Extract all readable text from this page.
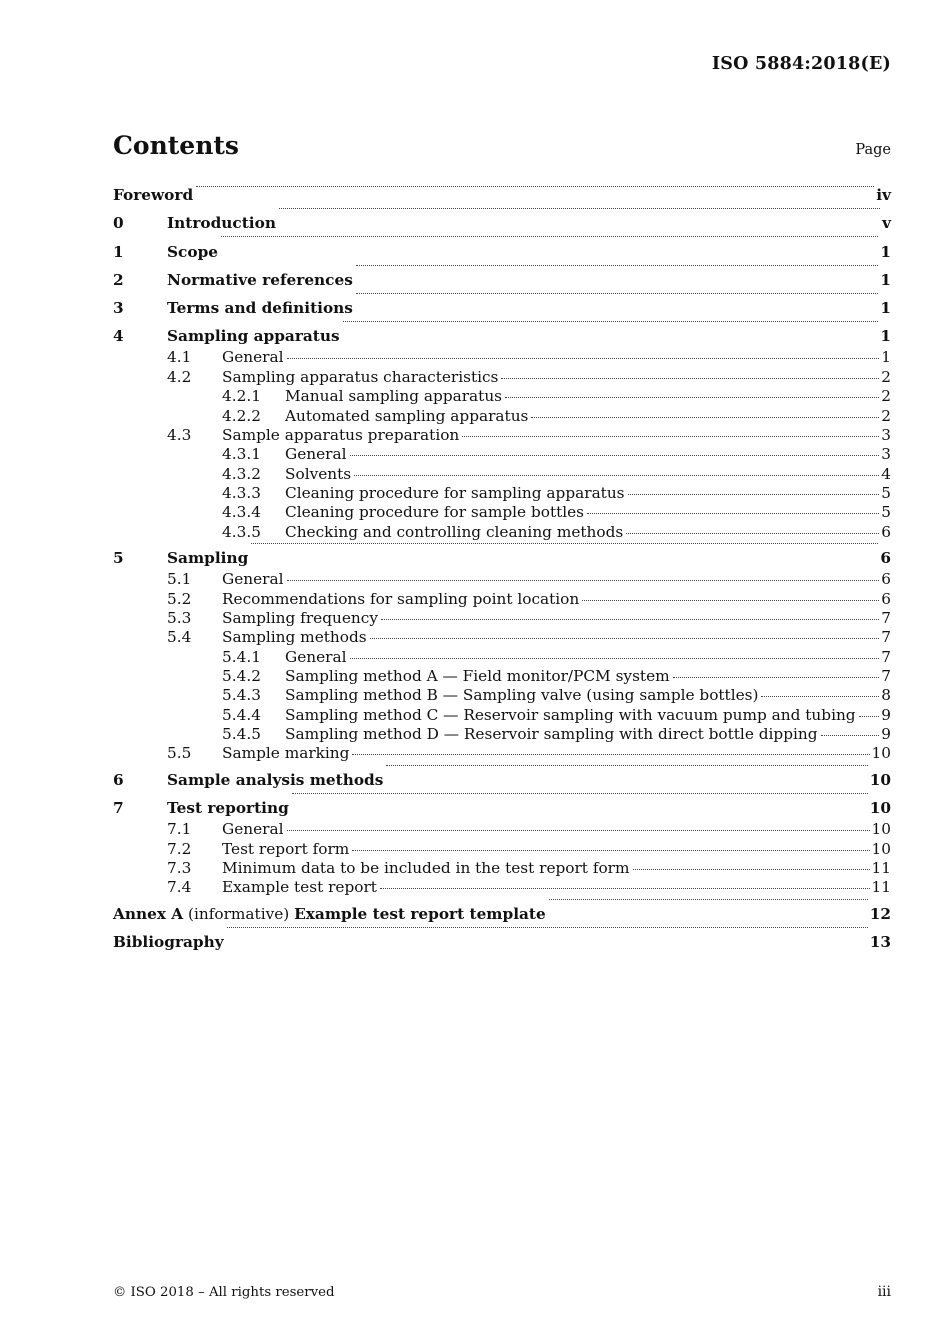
ISO 5884:2018(E)
Contents	Page
Foreword	iv
0	Introduction	v
1	Scope	1
2	Normative references	1
3	Terms and definitions	1
4	Sampling apparatus	1
4.1	General	1
4.2	Sampling apparatus characteristics	2
4.2.1	Manual sampling apparatus	2
4.2.2	Automated sampling apparatus	2
4.3	Sample apparatus preparation	3
4.3.1	General	3
4.3.2	Solvents	4
4.3.3	Cleaning procedure for sampling apparatus	5
4.3.4	Cleaning procedure for sample bottles	5
4.3.5	Checking and controlling cleaning methods	6
5	Sampling	6
5.1	General	6
5.2	Recommendations for sampling point location	6
5.3	Sampling frequency	7
5.4	Sampling methods	7
5.4.1	General	7
5.4.2	Sampling method A — Field monitor/PCM system	7
5.4.3	Sampling method B — Sampling valve (using sample bottles)	8
5.4.4	Sampling method C — Reservoir sampling with vacuum pump and tubing 9
5.4.5	Sampling method D — Reservoir sampling with direct bottle dipping	9
5.5	Sample marking	10
6	Sample analysis methods	10
7	Test reporting	10
7.1	General	10
7.2	Test report form	10
7.3	Minimum data to be included in the test report form	11
7.4	Example test report	11
Annex A (informative) Example test report template	12
Bibliography	13
© ISO 2018 – All rights reserved	iii
